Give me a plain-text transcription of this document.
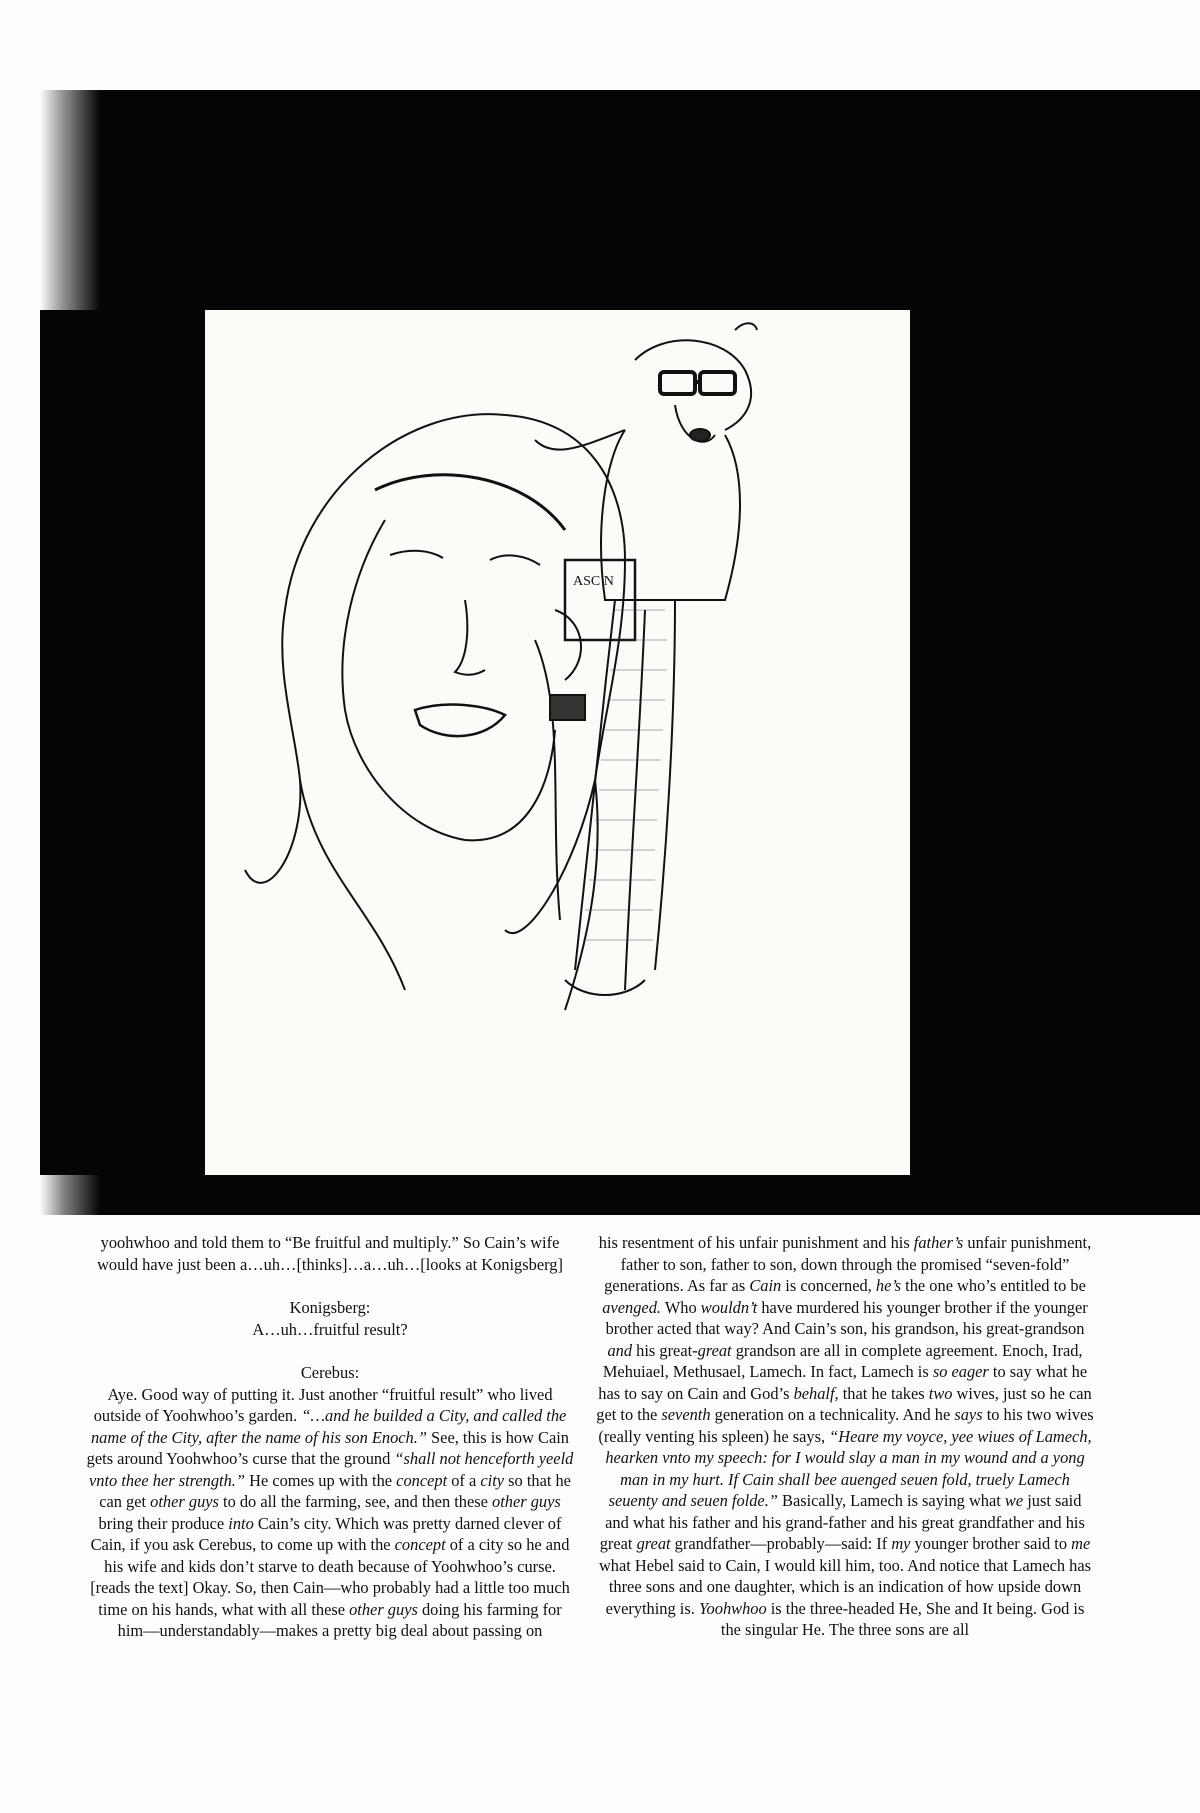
ASC N

yoohwhoo and told them to “Be fruitful and multiply.” So Cain’s wife would have just been a…uh…[thinks]…a…uh…[looks at Konigsberg]

Konigsberg:

A…uh…fruitful result?

Cerebus:

Aye. Good way of putting it. Just another “fruitful result” who lived outside of Yoohwhoo’s garden. “…and he builded a City, and called the name of the City, after the name of his son Enoch.” See, this is how Cain gets around Yoohwhoo’s curse that the ground “shall not henceforth yeeld vnto thee her strength.” He comes up with the concept of a city so that he can get other guys to do all the farming, see, and then these other guys bring their produce into Cain’s city. Which was pretty darned clever of Cain, if you ask Cerebus, to come up with the concept of a city so he and his wife and kids don’t starve to death because of Yoohwhoo’s curse. [reads the text] Okay. So, then Cain—who probably had a little too much time on his hands, what with all these other guys doing his farming for him—understandably—makes a pretty big deal about passing on

his resentment of his unfair punishment and his father’s unfair punishment, father to son, father to son, down through the promised “seven-fold” generations. As far as Cain is concerned, he’s the one who’s entitled to be avenged. Who wouldn’t have murdered his younger brother if the younger brother acted that way? And Cain’s son, his grandson, his great-grandson and his great-great grandson are all in complete agreement. Enoch, Irad, Mehuiael, Methusael, Lamech. In fact, Lamech is so eager to say what he has to say on Cain and God’s behalf, that he takes two wives, just so he can get to the seventh generation on a technicality. And he says to his two wives (really venting his spleen) he says, “Heare my voyce, yee wiues of Lamech, hearken vnto my speech: for I would slay a man in my wound and a yong man in my hurt. If Cain shall bee auenged seuen fold, truely Lamech seuenty and seuen folde.” Basically, Lamech is saying what we just said and what his father and his grand-father and his great grandfather and his great great grandfather—probably—said: If my younger brother said to me what Hebel said to Cain, I would kill him, too. And notice that Lamech has three sons and one daughter, which is an indication of how upside down everything is. Yoohwhoo is the three-headed He, She and It being. God is the singular He. The three sons are all
